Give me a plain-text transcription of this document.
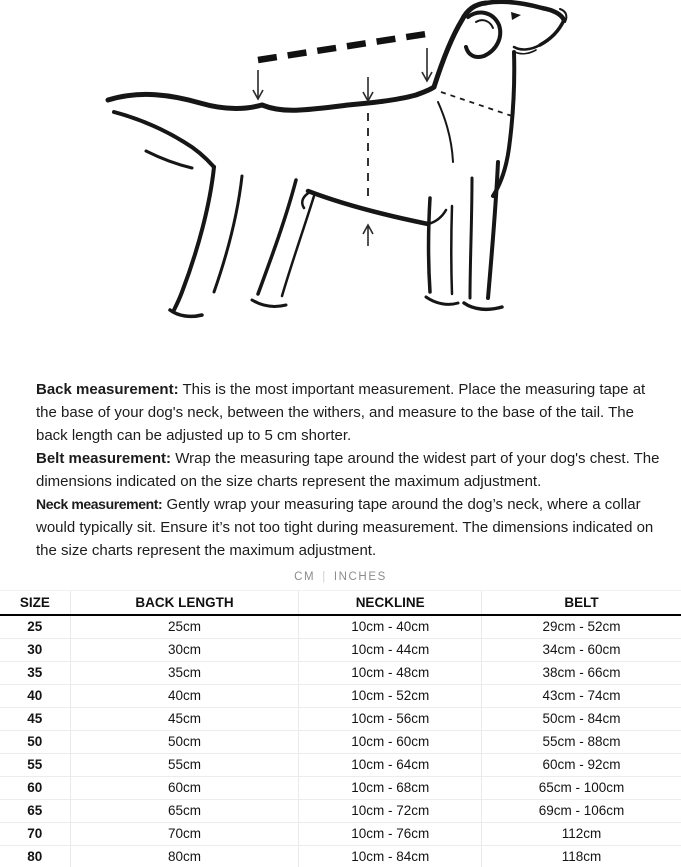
Back measurement: This is the most important measurement. Place the measuring tape at the base of your dog's neck, between the withers, and measure to the base of the tail. The back length can be adjusted up to 5 cm shorter.

Belt measurement: Wrap the measuring tape around the widest part of your dog's chest. The dimensions indicated on the size charts represent the maximum adjustment.

Neck measurement: Gently wrap your measuring tape around the dog’s neck, where a collar would typically sit. Ensure it’s not too tight during measurement. The dimensions indicated on the size charts represent the maximum adjustment.

CM | INCHES
SIZE	BACK LENGTH	NECKLINE	BELT
25	25cm	10cm - 40cm	29cm - 52cm
30	30cm	10cm - 44cm	34cm - 60cm
35	35cm	10cm - 48cm	38cm - 66cm
40	40cm	10cm - 52cm	43cm - 74cm
45	45cm	10cm - 56cm	50cm - 84cm
50	50cm	10cm - 60cm	55cm - 88cm
55	55cm	10cm - 64cm	60cm - 92cm
60	60cm	10cm - 68cm	65cm - 100cm
65	65cm	10cm - 72cm	69cm - 106cm
70	70cm	10cm - 76cm	112cm
80	80cm	10cm - 84cm	118cm
